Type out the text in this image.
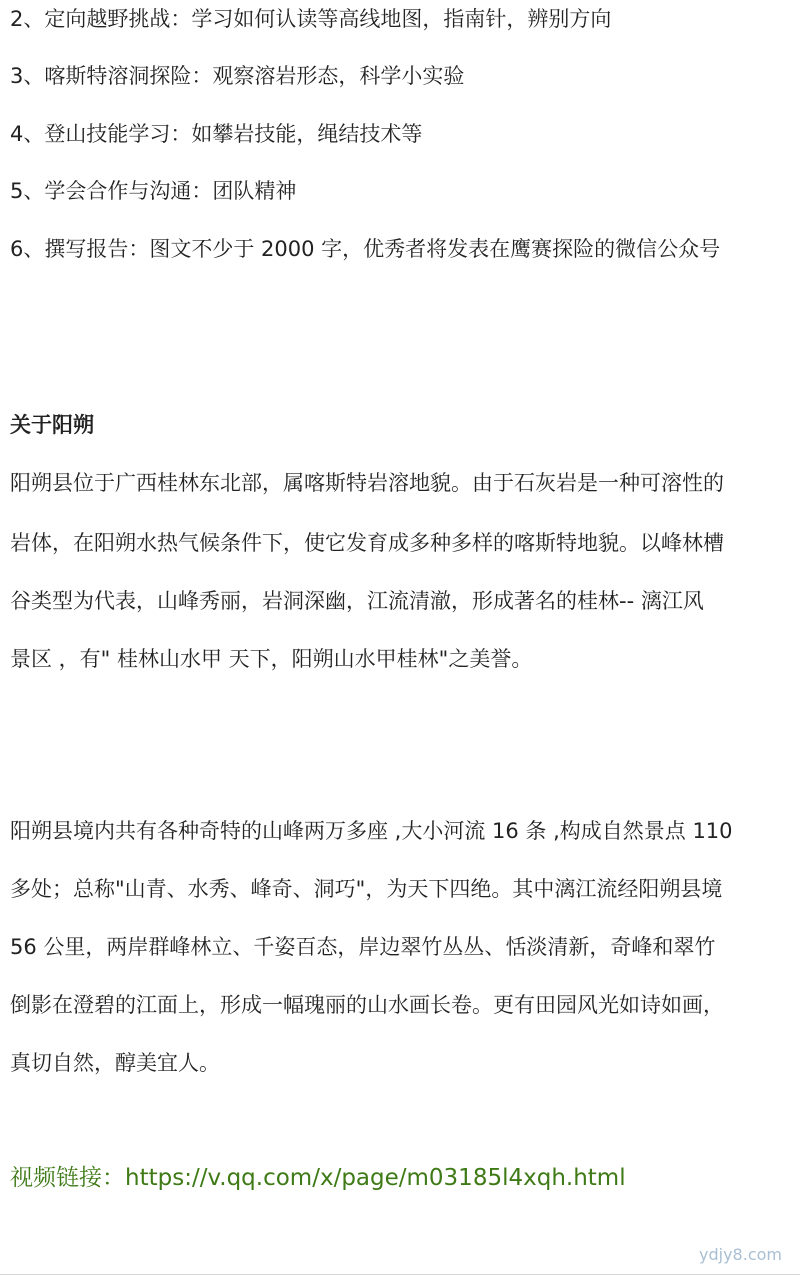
2、定向越野挑战：学习如何认读等高线地图，指南针，辨别方向

3、喀斯特溶洞探险：观察溶岩形态，科学小实验

4、登山技能学习：如攀岩技能，绳结技术等

5、学会合作与沟通：团队精神

6、撰写报告：图文不少于 2000 字，优秀者将发表在鹰赛探险的微信公众号

关于阳朔

阳朔县位于广西桂林东北部，属喀斯特岩溶地貌。由于石灰岩是一种可溶性的

岩体，在阳朔水热气候条件下，使它发育成多种多样的喀斯特地貌。以峰林槽

谷类型为代表，山峰秀丽，岩洞深幽，江流清澈，形成著名的桂林-- 漓江风

景区 ，有" 桂林山水甲 天下，阳朔山水甲桂林"之美誉。

阳朔县境内共有各种奇特的山峰两万多座 ,大小河流 16 条 ,构成自然景点 110

多处；总称"山青、水秀、峰奇、洞巧"，为天下四绝。其中漓江流经阳朔县境

56 公里，两岸群峰林立、千姿百态，岸边翠竹丛丛、恬淡清新，奇峰和翠竹

倒影在澄碧的江面上，形成一幅瑰丽的山水画长卷。更有田园风光如诗如画，

真切自然，醇美宜人。

视频链接：https://v.qq.com/x/page/m03185l4xqh.html

ydjy8.com
